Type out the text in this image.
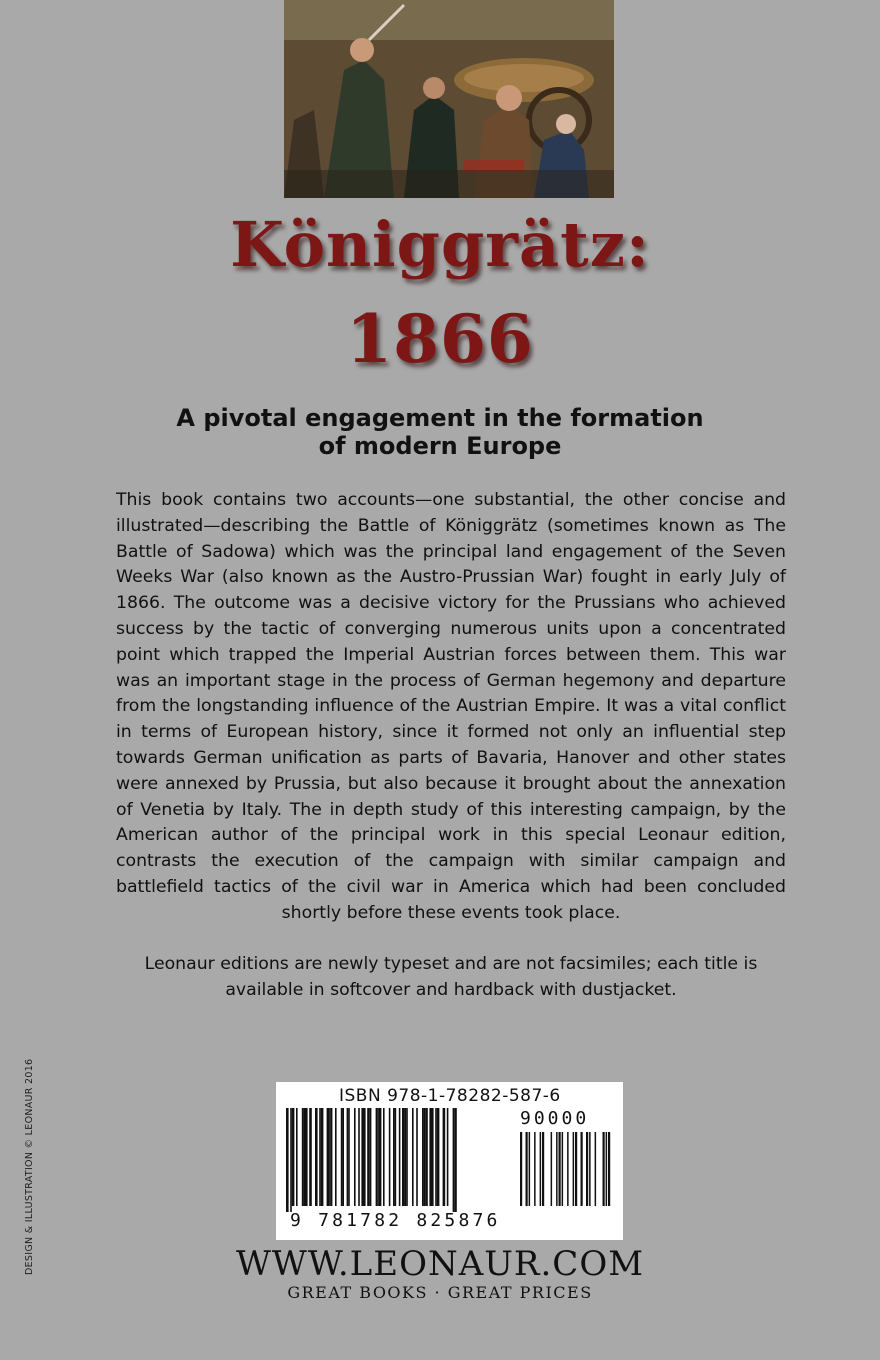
Königgrätz:
1866
A pivotal engagement in the formation
of modern Europe

This book contains two accounts—one substantial, the other concise and illustrated—describing the Battle of Königgrätz (sometimes known as The Battle of Sadowa) which was the principal land engagement of the Seven Weeks War (also known as the Austro-Prussian War) fought in early July of 1866. The outcome was a decisive victory for the Prussians who achieved success by the tactic of converging numerous units upon a concentrated point which trapped the Imperial Austrian forces between them. This war was an important stage in the process of German hegemony and departure from the longstanding influence of the Austrian Empire. It was a vital conflict in terms of European history, since it formed not only an influential step towards German unification as parts of Bavaria, Hanover and other states were annexed by Prussia, but also because it brought about the annexation of Venetia by Italy. The in depth study of this interesting campaign, by the American author of the principal work in this special Leonaur edition, contrasts the execution of the campaign with similar campaign and battlefield tactics of the civil war in America which had been concluded shortly before these events took place.

Leonaur editions are newly typeset and are not facsimiles; each title is available in softcover and hardback with dustjacket.

DESIGN & ILLUSTRATION © LEONAUR 2016	ISBN 978-1-78282-587-6
90000
9 781782 825876
WWW.LEONAUR.COM
GREAT BOOKS · GREAT PRICES
